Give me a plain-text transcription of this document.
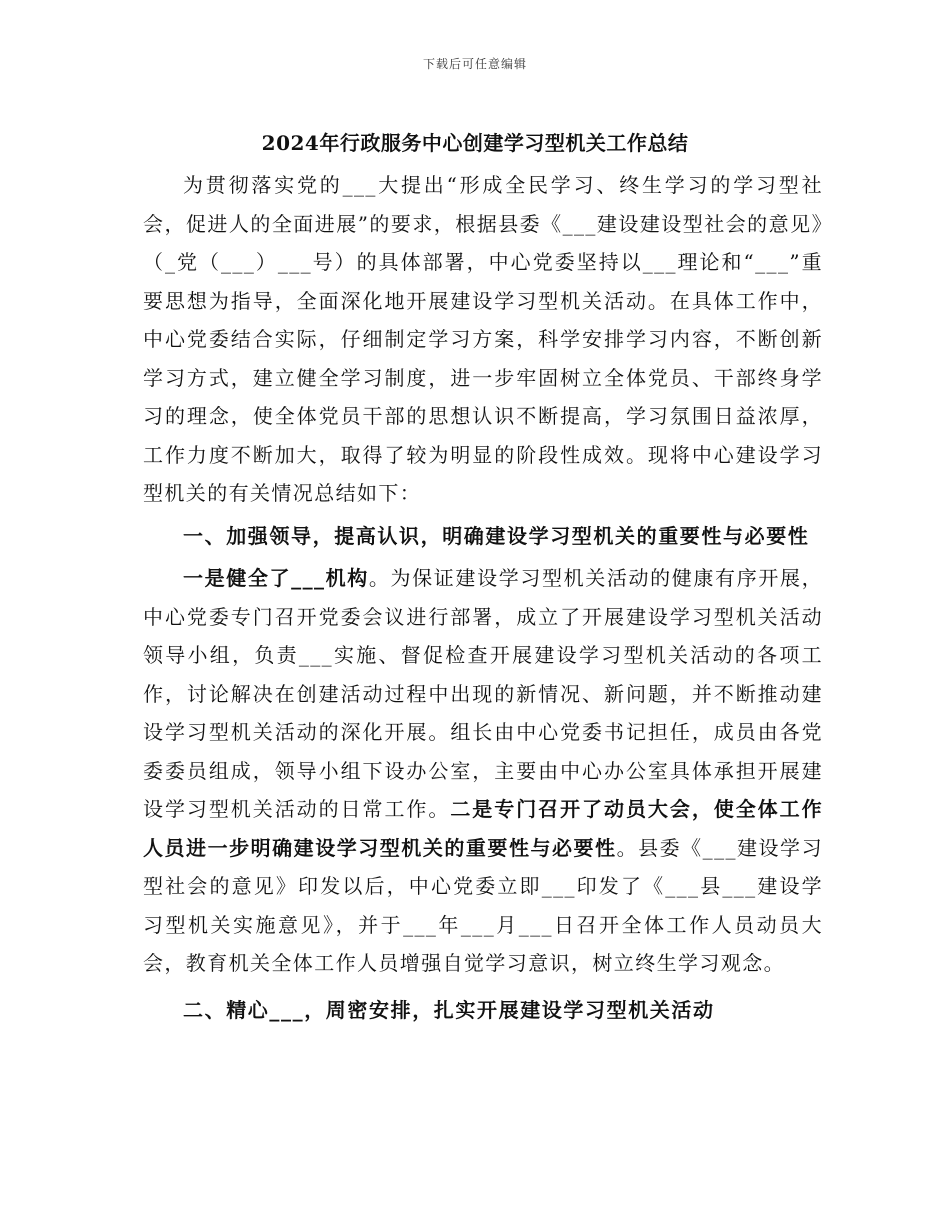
下载后可任意编辑
2024年行政服务中心创建学习型机关工作总结

为贯彻落实党的___大提出“形成全民学习、终生学习的学习型社会，促进人的全面进展”的要求，根据县委《___建设建设型社会的意见》（_党（___）___号）的具体部署，中心党委坚持以___理论和“___”重要思想为指导，全面深化地开展建设学习型机关活动。在具体工作中，中心党委结合实际，仔细制定学习方案，科学安排学习内容，不断创新学习方式，建立健全学习制度，进一步牢固树立全体党员、干部终身学习的理念，使全体党员干部的思想认识不断提高，学习氛围日益浓厚，工作力度不断加大，取得了较为明显的阶段性成效。现将中心建设学习型机关的有关情况总结如下：

一、加强领导，提高认识，明确建设学习型机关的重要性与必要性

一是健全了___机构。为保证建设学习型机关活动的健康有序开展，中心党委专门召开党委会议进行部署，成立了开展建设学习型机关活动领导小组，负责___实施、督促检查开展建设学习型机关活动的各项工作，讨论解决在创建活动过程中出现的新情况、新问题，并不断推动建设学习型机关活动的深化开展。组长由中心党委书记担任，成员由各党委委员组成，领导小组下设办公室，主要由中心办公室具体承担开展建设学习型机关活动的日常工作。二是专门召开了动员大会，使全体工作人员进一步明确建设学习型机关的重要性与必要性。县委《___建设学习型社会的意见》印发以后，中心党委立即___印发了《___县___建设学习型机关实施意见》，并于___年___月___日召开全体工作人员动员大会，教育机关全体工作人员增强自觉学习意识，树立终生学习观念。

二、精心___，周密安排，扎实开展建设学习型机关活动
